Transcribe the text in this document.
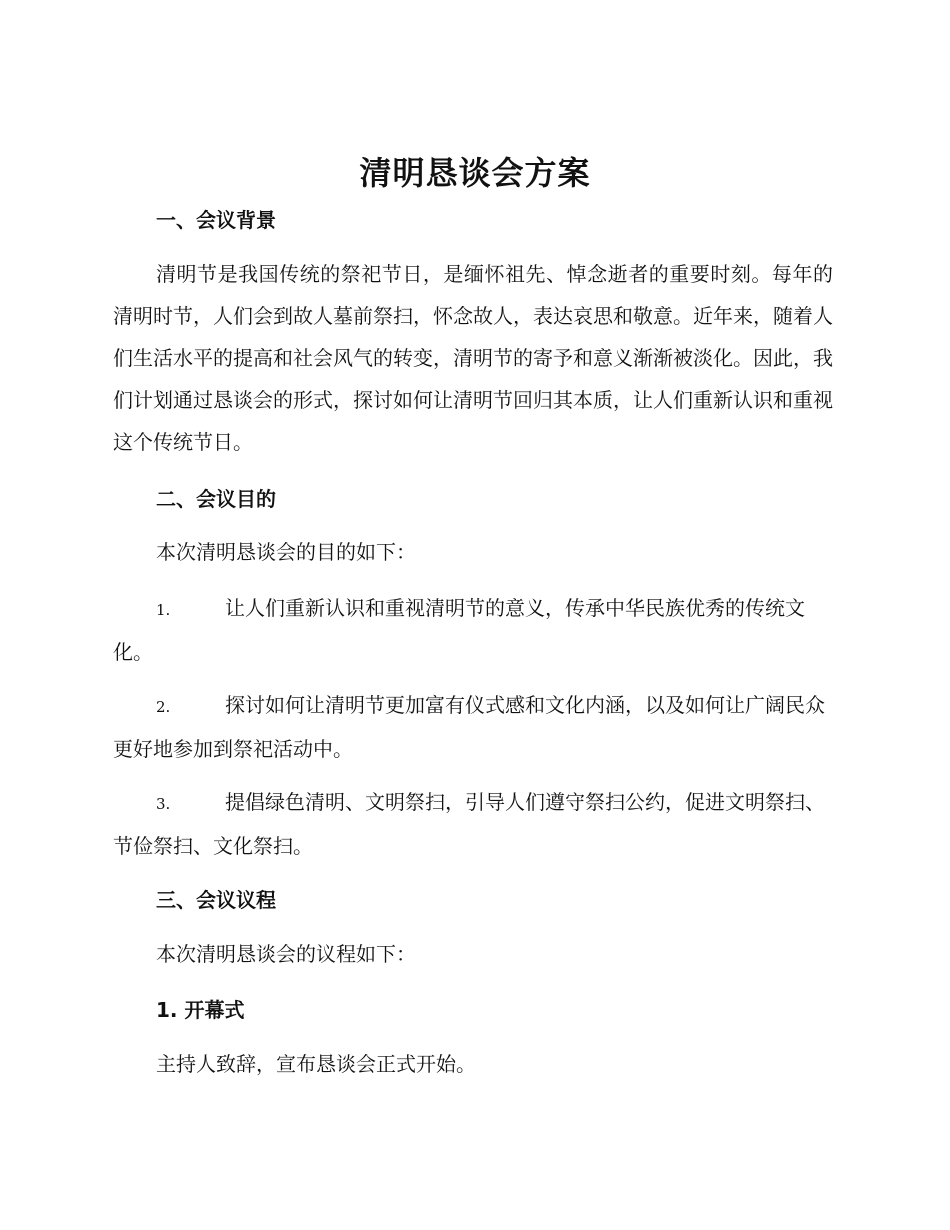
清明恳谈会方案
一、会议背景

清明节是我国传统的祭祀节日，是缅怀祖先、悼念逝者的重要时刻。每年的清明时节，人们会到故人墓前祭扫，怀念故人，表达哀思和敬意。近年来，随着人们生活水平的提高和社会风气的转变，清明节的寄予和意义渐渐被淡化。因此，我们计划通过恳谈会的形式，探讨如何让清明节回归其本质，让人们重新认识和重视这个传统节日。

二、会议目的
本次清明恳谈会的目的如下：

1.	让人们重新认识和重视清明节的意义，传承中华民族优秀的传统文化。

2.	探讨如何让清明节更加富有仪式感和文化内涵，以及如何让广阔民众更好地参加到祭祀活动中。

3.	提倡绿色清明、文明祭扫，引导人们遵守祭扫公约，促进文明祭扫、节俭祭扫、文化祭扫。

三、会议议程
本次清明恳谈会的议程如下：
1. 开幕式
主持人致辞，宣布恳谈会正式开始。
